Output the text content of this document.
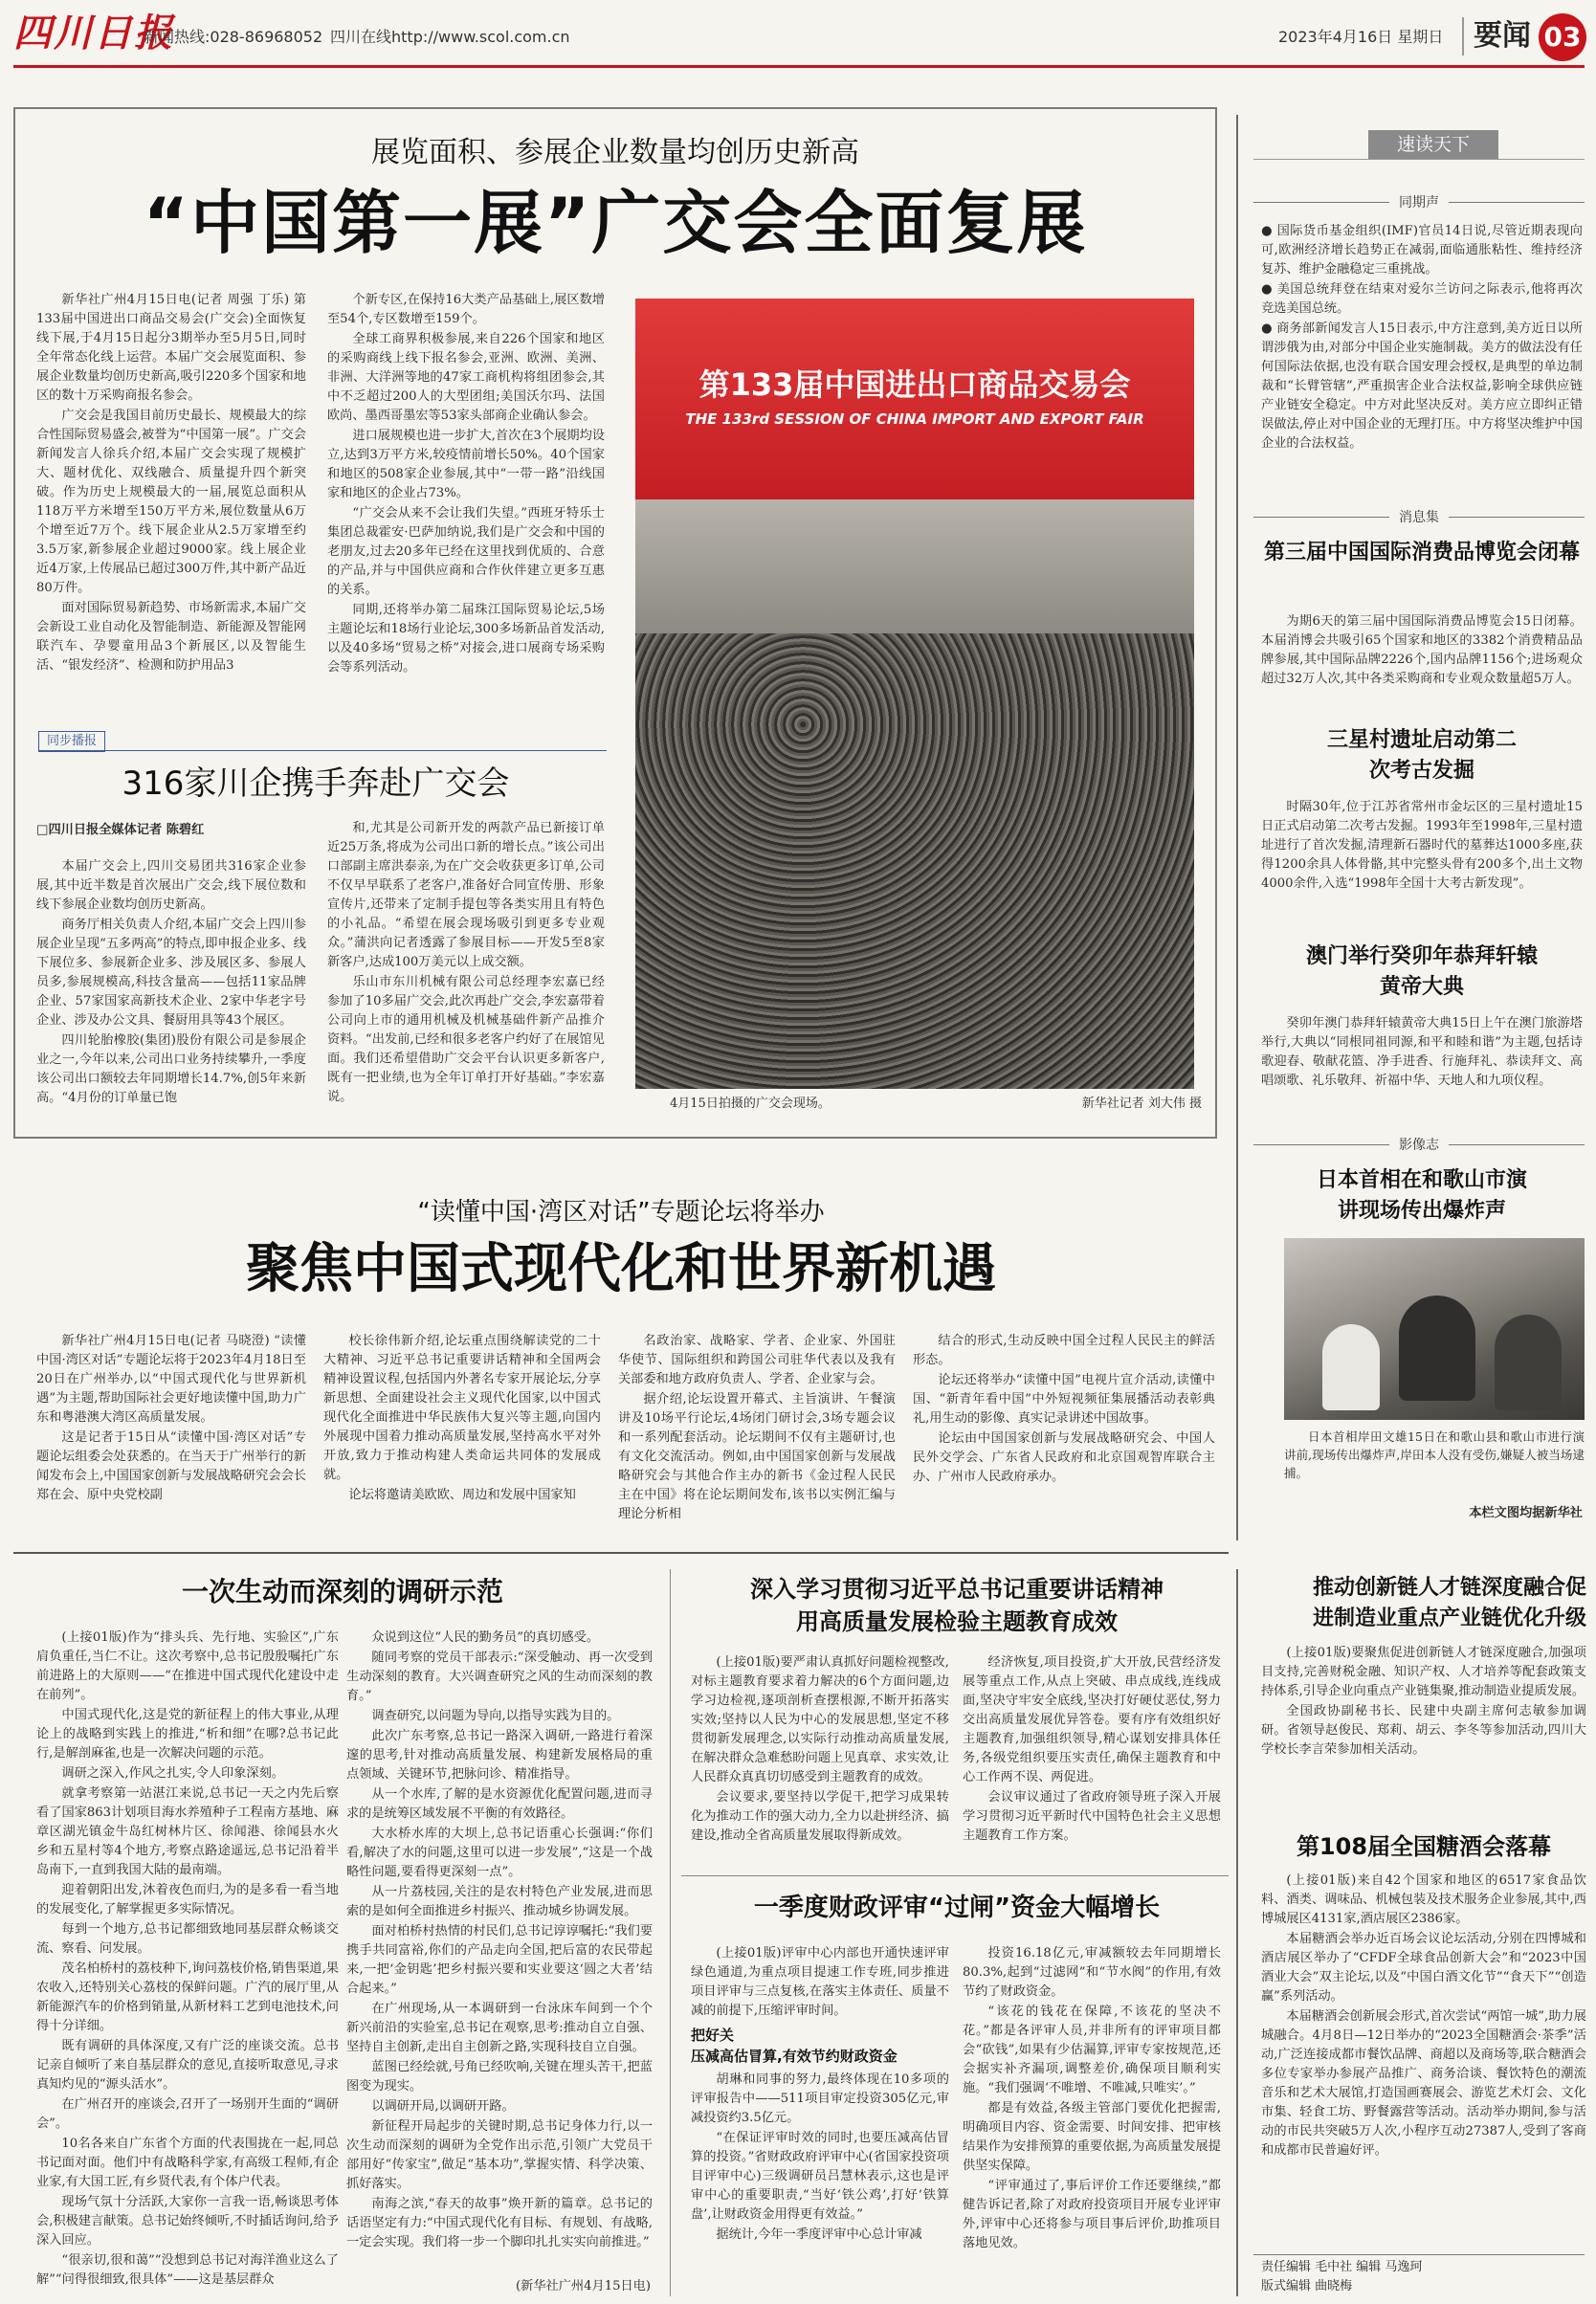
四川日报
新闻热线:028-86968052 四川在线http://www.scol.com.cn	2023年4月16日 星期日 要闻 03
展览面积、参展企业数量均创历史新高
“中国第一展”广交会全面复展

新华社广州4月15日电(记者 周强 丁乐) 第133届中国进出口商品交易会(广交会)全面恢复线下展,于4月15日起分3期举办至5月5日,同时全年常态化线上运营。本届广交会展览面积、参展企业数量均创历史新高,吸引220多个国家和地区的数十万采购商报名参会。

广交会是我国目前历史最长、规模最大的综合性国际贸易盛会,被誉为“中国第一展”。广交会新闻发言人徐兵介绍,本届广交会实现了规模扩大、题材优化、双线融合、质量提升四个新突破。作为历史上规模最大的一届,展览总面积从118万平方米增至150万平方米,展位数量从6万个增至近7万个。线下展企业从2.5万家增至约3.5万家,新参展企业超过9000家。线上展企业近4万家,上传展品已超过300万件,其中新产品近80万件。

面对国际贸易新趋势、市场新需求,本届广交会新设工业自动化及智能制造、新能源及智能网联汽车、孕婴童用品3个新展区,以及智能生活、“银发经济”、检测和防护用品3

个新专区,在保持16大类产品基础上,展区数增至54个,专区数增至159个。

全球工商界积极参展,来自226个国家和地区的采购商线上线下报名参会,亚洲、欧洲、美洲、非洲、大洋洲等地的47家工商机构将组团参会,其中不乏超过200人的大型团组;美国沃尔玛、法国欧尚、墨西哥墨宏等53家头部商企业确认参会。

进口展规模也进一步扩大,首次在3个展期均设立,达到3万平方米,较疫情前增长50%。40个国家和地区的508家企业参展,其中“一带一路”沿线国家和地区的企业占73%。

“广交会从来不会让我们失望。”西班牙特乐士集团总裁霍安·巴萨加纳说,我们是广交会和中国的老朋友,过去20多年已经在这里找到优质的、合意的产品,并与中国供应商和合作伙伴建立更多互惠的关系。

同期,还将举办第二届珠江国际贸易论坛,5场主题论坛和18场行业论坛,300多场新品首发活动,以及40多场“贸易之桥”对接会,进口展商专场采购会等系列活动。

第133届中国进出口商品交易会
THE 133rd SESSION OF CHINA IMPORT AND EXPORT FAIR
4月15日拍摄的广交会现场。	新华社记者 刘大伟 摄
同步播报
316家川企携手奔赴广交会
□四川日报全媒体记者 陈碧红

本届广交会上,四川交易团共316家企业参展,其中近半数是首次展出广交会,线下展位数和线下参展企业数均创历史新高。

商务厅相关负责人介绍,本届广交会上四川参展企业呈现“五多两高”的特点,即申报企业多、线下展位多、参展新企业多、涉及展区多、参展人员多,参展规模高,科技含量高——包括11家品牌企业、57家国家高新技术企业、2家中华老字号企业、涉及办公文具、餐厨用具等43个展区。

四川轮胎橡胶(集团)股份有限公司是参展企业之一,今年以来,公司出口业务持续攀升,一季度该公司出口额较去年同期增长14.7%,创5年来新高。“4月份的订单量已饱

和,尤其是公司新开发的两款产品已新接订单近25万条,将成为公司出口新的增长点。”该公司出口部副主席洪泰亲,为在广交会收获更多订单,公司不仅早早联系了老客户,准备好合同宣传册、形象宣传片,还带来了定制手提包等各类实用且有特色的小礼品。“希望在展会现场吸引到更多专业观众。”蒲洪向记者透露了参展目标——开发5至8家新客户,达成100万美元以上成交额。

乐山市东川机械有限公司总经理李宏嘉已经参加了10多届广交会,此次再赴广交会,李宏嘉带着公司向上市的通用机械及机械基础件新产品推介资料。“出发前,已经和很多老客户约好了在展馆见面。我们还希望借助广交会平台认识更多新客户,既有一把业绩,也为全年订单打开好基础。”李宏嘉说。

“读懂中国·湾区对话”专题论坛将举办
聚焦中国式现代化和世界新机遇

新华社广州4月15日电(记者 马晓澄) “读懂中国·湾区对话”专题论坛将于2023年4月18日至20日在广州举办,以“中国式现代化与世界新机遇”为主题,帮助国际社会更好地读懂中国,助力广东和粤港澳大湾区高质量发展。

这是记者于15日从“读懂中国·湾区对话”专题论坛组委会处获悉的。在当天于广州举行的新闻发布会上,中国国家创新与发展战略研究会会长郑在会、原中央党校副

校长徐伟新介绍,论坛重点围绕解读党的二十大精神、习近平总书记重要讲话精神和全国两会精神设置议程,包括国内外著名专家开展论坛,分享新思想、全面建设社会主义现代化国家,以中国式现代化全面推进中华民族伟大复兴等主题,向国内外展现中国着力推动高质量发展,坚持高水平对外开放,致力于推动构建人类命运共同体的发展成就。

论坛将邀请美欧欧、周边和发展中国家知

名政治家、战略家、学者、企业家、外国驻华使节、国际组织和跨国公司驻华代表以及我有关部委和地方政府负责人、学者、企业家与会。

据介绍,论坛设置开幕式、主旨演讲、午餐演讲及10场平行论坛,4场闭门研讨会,3场专题会议和一系列配套活动。论坛期间不仅有主题研讨,也有文化交流活动。例如,由中国国家创新与发展战略研究会与其他合作主办的新书《金过程人民民主在中国》将在论坛期间发布,该书以实例汇编与理论分析相

结合的形式,生动反映中国全过程人民民主的鲜活形态。

论坛还将举办“读懂中国”电视片宣介活动,读懂中国、“新青年看中国”中外短视频征集展播活动表彰典礼,用生动的影像、真实记录讲述中国故事。

论坛由中国国家创新与发展战略研究会、中国人民外交学会、广东省人民政府和北京国观智库联合主办、广州市人民政府承办。

一次生动而深刻的调研示范

(上接01版)作为“排头兵、先行地、实验区”,广东肩负重任,当仁不让。这次考察中,总书记殷殷嘱托广东前进路上的大原则——“在推进中国式现代化建设中走在前列”。

中国式现代化,这是党的新征程上的伟大事业,从理论上的战略到实践上的推进,“析和细”在哪?总书记此行,是解剖麻雀,也是一次解决问题的示范。

调研之深入,作风之扎实,令人印象深刻。

就拿考察第一站湛江来说,总书记一天之内先后察看了国家863计划项目海水养殖种子工程南方基地、麻章区湖光镇金牛岛红树林片区、徐闻港、徐闻县水火乡和五星村等4个地方,考察点路途遥远,总书记沿着半岛南下,一直到我国大陆的最南端。

迎着朝阳出发,沐着夜色而归,为的是多看一看当地的发展变化,了解掌握更多实际情况。

每到一个地方,总书记都细致地同基层群众畅谈交流、察看、问发展。

茂名柏桥村的荔枝种下,询问荔枝价格,销售渠道,果农收入,还特别关心荔枝的保鲜问题。广汽的展厅里,从新能源汽车的价格到销量,从新材料工艺到电池技术,问得十分详细。

既有调研的具体深度,又有广泛的座谈交流。总书记亲自倾听了来自基层群众的意见,直接听取意见,寻求真知灼见的“源头活水”。

在广州召开的座谈会,召开了一场别开生面的“调研会”。

10名各来自广东省个方面的代表围拢在一起,同总书记面对面。他们中有战略科学家,有高级工程师,有企业家,有大国工匠,有乡贤代表,有个体户代表。

现场气氛十分活跃,大家你一言我一语,畅谈思考体会,积极建言献策。总书记始终倾听,不时插话询问,给予深入回应。

“很亲切,很和蔼”“没想到总书记对海洋渔业这么了解”“问得很细致,很具体”——这是基层群众

众说到这位“人民的勤务员”的真切感受。

随同考察的党员干部表示:“深受触动、再一次受到生动深刻的教育。大兴调查研究之风的生动而深刻的教育。”

调查研究,以问题为导向,以指导实践为目的。

此次广东考察,总书记一路深入调研,一路进行着深邃的思考,针对推动高质量发展、构建新发展格局的重点领域、关键环节,把脉问诊、精准指导。

从一个水库,了解的是水资源优化配置问题,进而寻求的是统筹区域发展不平衡的有效路径。

大水桥水库的大坝上,总书记语重心长强调:“你们看,解决了水的问题,这里可以进一步发展”,“这是一个战略性问题,要看得更深刻一点”。

从一片荔枝园,关注的是农村特色产业发展,进而思索的是如何全面推进乡村振兴、推动城乡协调发展。

面对柏桥村热情的村民们,总书记谆谆嘱托:“我们要携手共同富裕,你们的产品走向全国,把后富的农民带起来,一把‘金钥匙’把乡村振兴要和实业要这‘圆之大者’结合起来。”

在广州现场,从一本调研到一台泳床车间到一个个新兴前沿的实验室,总书记在观察,思考:推动自立自强、坚持自主创新,走出自主创新之路,实现科技自立自强。

蓝图已经绘就,号角已经吹响,关键在埋头苦干,把蓝图变为现实。

以调研开局,以调研开路。

新征程开局起步的关键时期,总书记身体力行,以一次生动而深刻的调研为全党作出示范,引领广大党员干部用好“传家宝”,做足“基本功”,掌握实情、科学决策、抓好落实。

南海之滨,“春天的故事”焕开新的篇章。总书记的话语坚定有力:“中国式现代化有目标、有规划、有战略,一定会实现。我们将一步一个脚印扎扎实实向前推进。”

(新华社广州4月15日电)
深入学习贯彻习近平总书记重要讲话精神
用高质量发展检验主题教育成效

(上接01版)要严肃认真抓好问题检视整改,对标主题教育要求着力解决的6个方面问题,边学习边检视,逐项剖析查摆根源,不断开拓落实实效;坚持以人民为中心的发展思想,坚定不移贯彻新发展理念,以实际行动推动高质量发展,在解决群众急难愁盼问题上见真章、求实效,让人民群众真真切切感受到主题教育的成效。

会议要求,要坚持以学促干,把学习成果转化为推动工作的强大动力,全力以赴拼经济、搞建设,推动全省高质量发展取得新成效。

经济恢复,项目投资,扩大开放,民营经济发展等重点工作,从点上突破、串点成线,连线成面,坚决守牢安全底线,坚决打好硬仗恶仗,努力交出高质量发展优异答卷。要有序有效组织好主题教育,加强组织领导,精心谋划安排具体任务,各级党组织要压实责任,确保主题教育和中心工作两不误、两促进。

会议审议通过了省政府领导班子深入开展学习贯彻习近平新时代中国特色社会主义思想主题教育工作方案。

一季度财政评审“过闸”资金大幅增长

(上接01版)评审中心内部也开通快速评审绿色通道,为重点项目提速工作专班,同步推进项目评审与三点复核,在落实主体责任、质量不减的前提下,压缩评审时间。

把好关
压减高估冒算,有效节约财政资金

胡琳和同事的努力,最终体现在10多项的评审报告中——511项目审定投资305亿元,审减投资约3.5亿元。

“在保证评审时效的同时,也要压减高估冒算的投资。”省财政政府评审中心(省国家投资项目评审中心)三级调研员吕慧林表示,这也是评审中心的重要职责,“当好‘铁公鸡’,打好‘铁算盘’,让财政资金用得更有效益。”

据统计,今年一季度评审中心总计审减

投资16.18亿元,审减额较去年同期增长80.3%,起到“过滤网”和“节水阀”的作用,有效节约了财政资金。

“该花的钱花在保障,不该花的坚决不花。”都是各评审人员,并非所有的评审项目都会“砍钱”,如果有少估漏算,评审专家按规范,还会据实补齐漏项,调整差价,确保项目顺利实施。“我们强调‘不唯增、不唯减,只唯实’。”

都是有效益,各级主管部门要优化把握需,明确项目内容、资金需要、时间安排、把审核结果作为安排预算的重要依据,为高质量发展提供坚实保障。

“评审通过了,事后评价工作还要继续,”都健告诉记者,除了对政府投资项目开展专业评审外,评审中心还将参与项目事后评价,助推项目落地见效。

速读天下
同期声

● 国际货币基金组织(IMF)官员14日说,尽管近期表现向可,欧洲经济增长趋势正在减弱,面临通胀粘性、维持经济复苏、维护金融稳定三重挑战。

● 美国总统拜登在结束对爱尔兰访问之际表示,他将再次竞选美国总统。

● 商务部新闻发言人15日表示,中方注意到,美方近日以所谓涉俄为由,对部分中国企业实施制裁。美方的做法没有任何国际法依据,也没有联合国安理会授权,是典型的单边制裁和“长臂管辖”,严重损害企业合法权益,影响全球供应链产业链安全稳定。中方对此坚决反对。美方应立即纠正错误做法,停止对中国企业的无理打压。中方将坚决维护中国企业的合法权益。

消息集
第三届中国国际消费品博览会闭幕

为期6天的第三届中国国际消费品博览会15日闭幕。本届消博会共吸引65个国家和地区的3382个消费精品品牌参展,其中国际品牌2226个,国内品牌1156个;进场观众超过32万人次,其中各类采购商和专业观众数量超5万人。

三星村遗址启动第二次考古发掘

时隔30年,位于江苏省常州市金坛区的三星村遗址15日正式启动第二次考古发掘。1993年至1998年,三星村遗址进行了首次发掘,清理新石器时代的墓葬达1000多座,获得1200余具人体骨骼,其中完整头骨有200多个,出土文物4000余件,入选“1998年全国十大考古新发现”。

澳门举行癸卯年恭拜轩辕黄帝大典

癸卯年澳门恭拜轩辕黄帝大典15日上午在澳门旅游塔举行,大典以“同根同祖同源,和平和睦和谐”为主题,包括诗歌迎春、敬献花篮、净手进香、行施拜礼、恭读拜文、高唱颂歌、礼乐敬拜、祈福中华、天地人和九项仪程。

影像志
日本首相在和歌山市演讲现场传出爆炸声

日本首相岸田文雄15日在和歌山县和歌山市进行演讲前,现场传出爆炸声,岸田本人没有受伤,嫌疑人被当场逮捕。

本栏文图均据新华社
推动创新链人才链深度融合促进制造业重点产业链优化升级

(上接01版)要聚焦促进创新链人才链深度融合,加强项目支持,完善财税金融、知识产权、人才培养等配套政策支持体系,引导企业向重点产业链集聚,推动制造业提质发展。

全国政协副秘书长、民建中央副主席何志敏参加调研。省领导赵俊民、郑莉、胡云、李冬等参加活动,四川大学校长李言荣参加相关活动。

第108届全国糖酒会落幕

(上接01版)来自42个国家和地区的6517家食品饮料、酒类、调味品、机械包装及技术服务企业参展,其中,西博城展区4131家,酒店展区2386家。

本届糖酒会举办近百场会议论坛活动,分别在四博城和酒店展区举办了“CFDF全球食品创新大会”和“2023中国酒业大会”双主论坛,以及“中国白酒文化节”“食天下”“创造赢”系列活动。

本届糖酒会创新展会形式,首次尝试“两馆一城”,助力展城融合。4月8日—12日举办的“2023全国糖酒会·茶季”活动,广泛连接成都市餐饮品牌、商超以及商场等,联合糖酒会多位专家举办参展产品推广、商务洽谈、餐饮特色的潮流音乐和艺术大展馆,打造国画赛展会、游览艺术灯会、文化市集、轻食工坊、野餐露营等活动。活动举办期间,参与活动的市民共突破5万人次,小程序互动27387人,受到了客商和成都市民普遍好评。

责任编辑 毛中社 编辑 马逸珂
版式编辑 曲晓梅
